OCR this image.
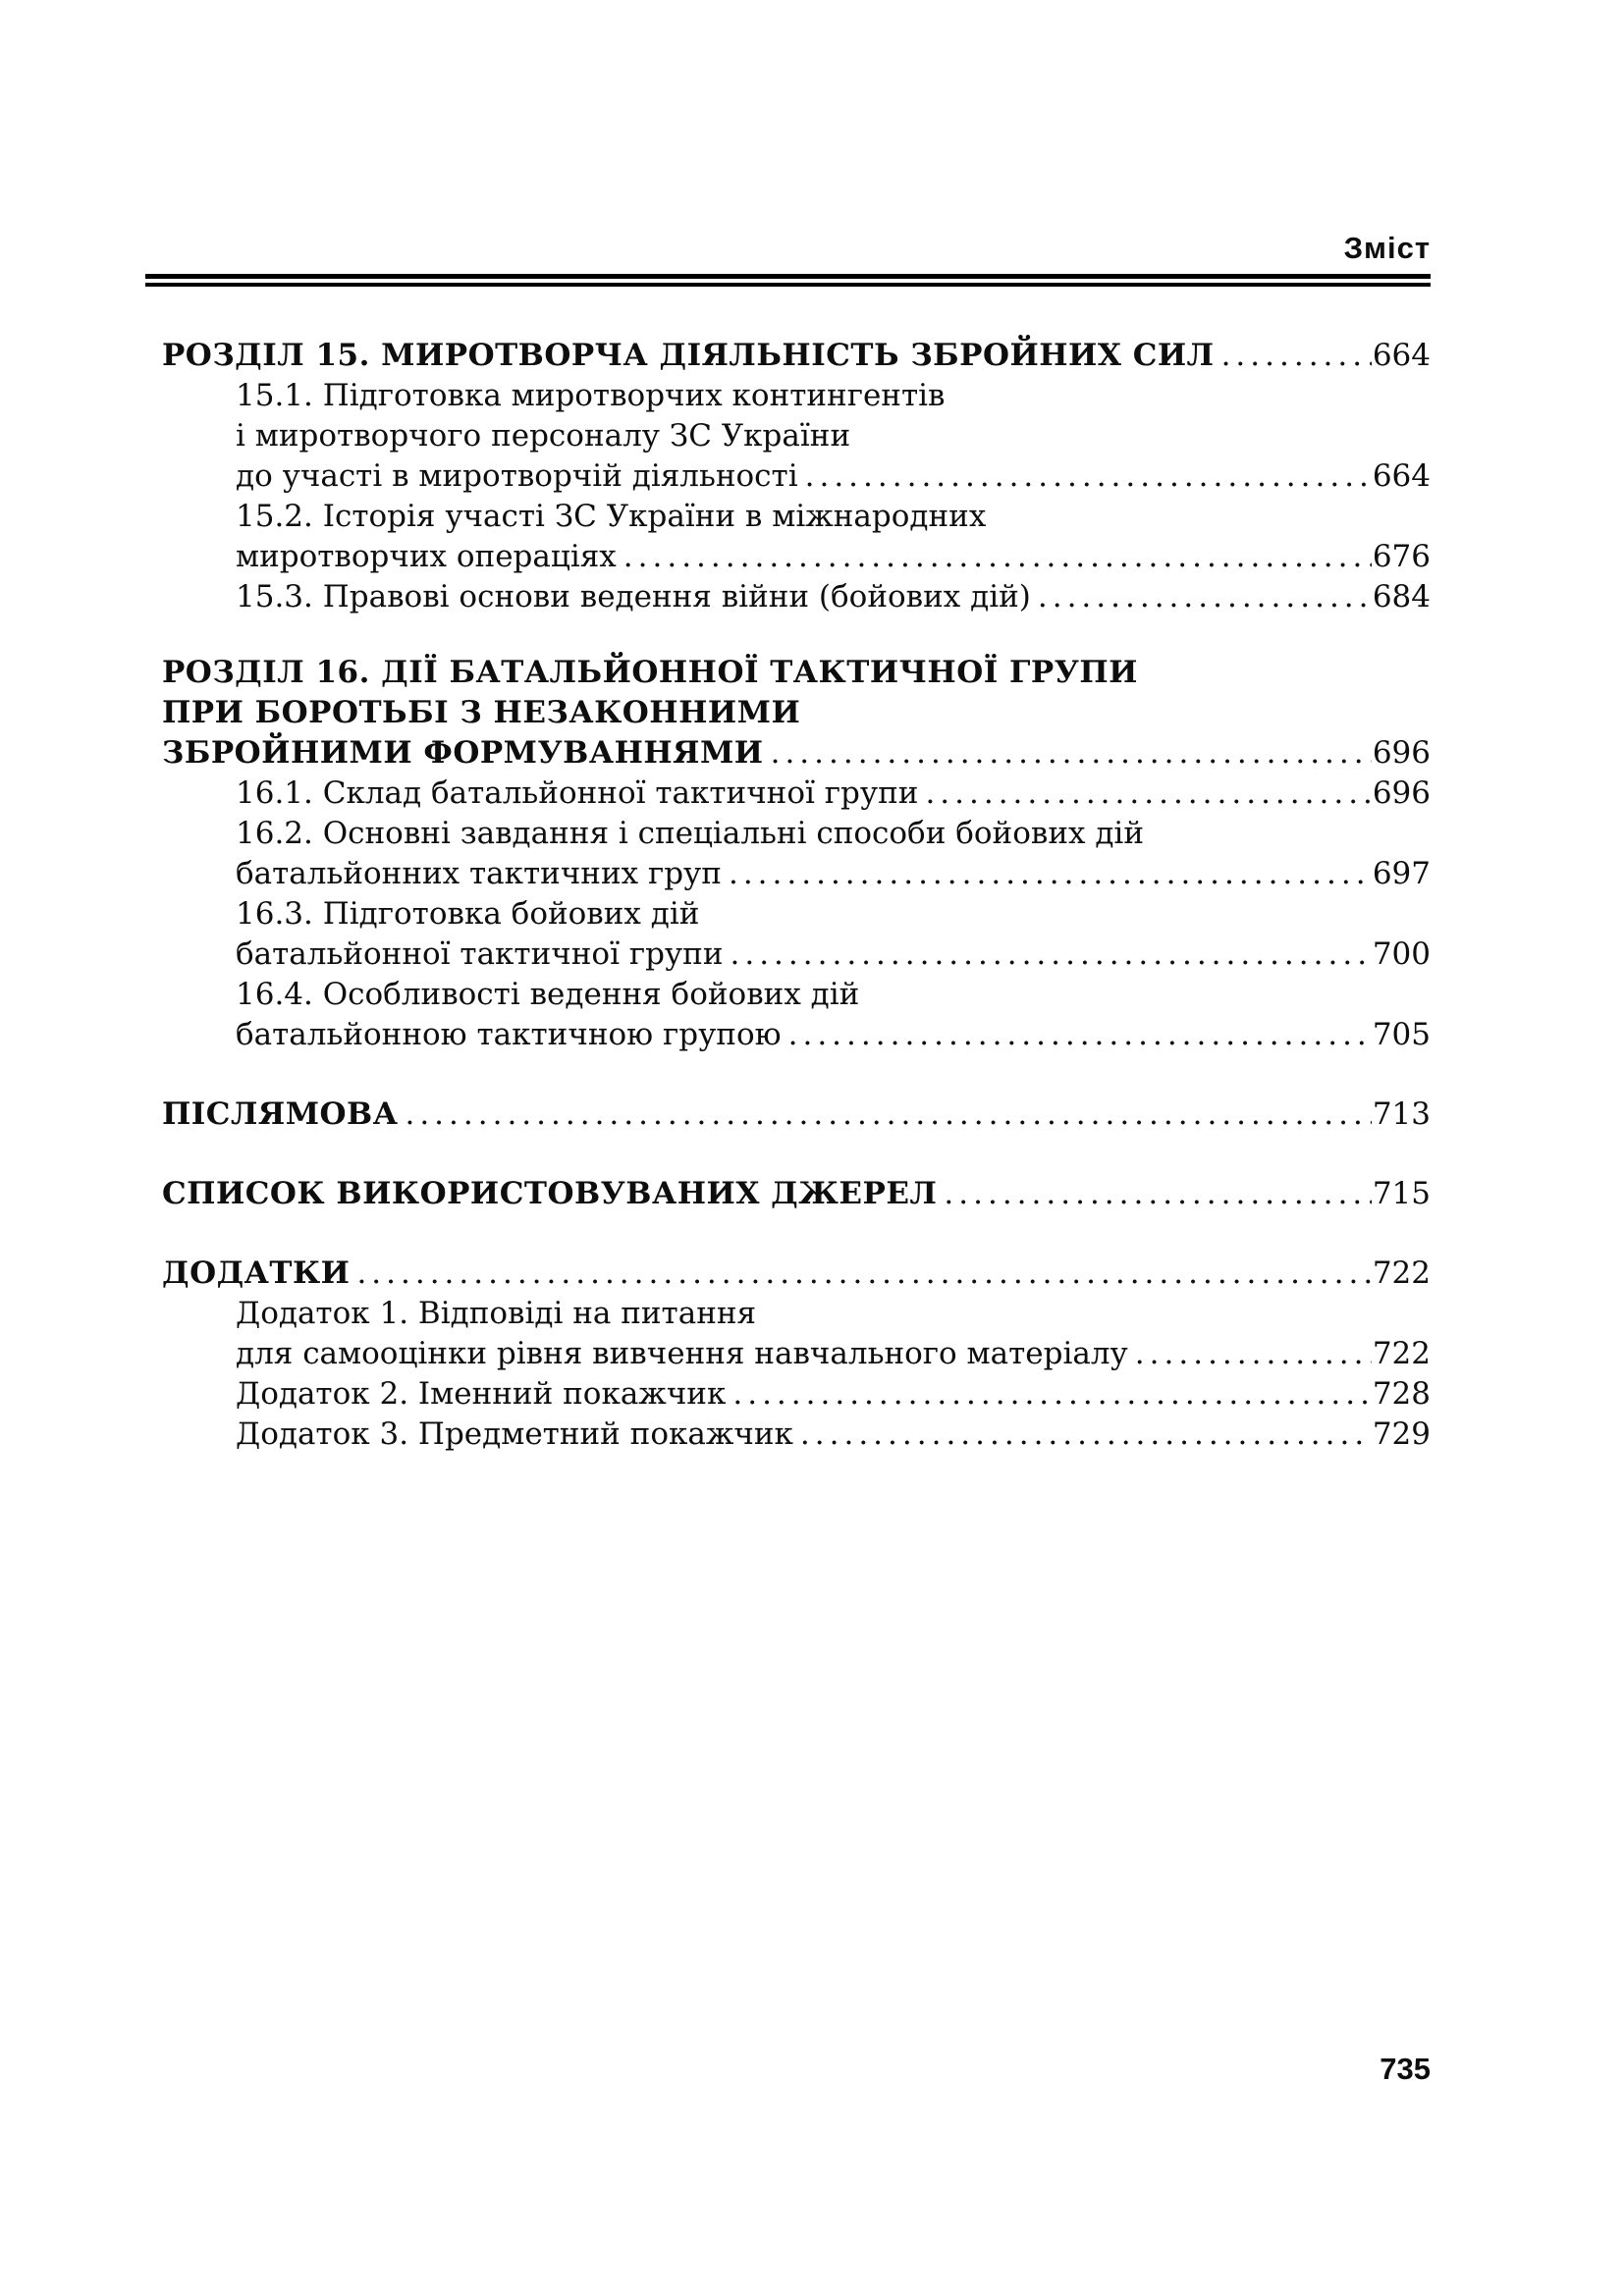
Зміст
РОЗДІЛ 15. МИРОТВОРЧА ДІЯЛЬНІСТЬ ЗБРОЙНИХ СИЛ .....	664
15.1. Підготовка миротворчих контингентів
і миротворчого персоналу ЗС України
до участі в миротворчій діяльності .....	664
15.2. Історія участі ЗС України в міжнародних
миротворчих операціях .....	676
15.3. Правові основи ведення війни (бойових дій) .....	684
РОЗДІЛ 16. ДІЇ БАТАЛЬЙОННОЇ ТАКТИЧНОЇ ГРУПИ
ПРИ БОРОТЬБІ З НЕЗАКОННИМИ
ЗБРОЙНИМИ ФОРМУВАННЯМИ .....	696
16.1. Склад батальйонної тактичної групи .....	696
16.2. Основні завдання і спеціальні способи бойових дій
батальйонних тактичних груп .....	697
16.3. Підготовка бойових дій
батальйонної тактичної групи .....	700
16.4. Особливості ведення бойових дій
батальйонною тактичною групою .....	705
ПІСЛЯМОВА .....	713
СПИСОК ВИКОРИСТОВУВАНИХ ДЖЕРЕЛ .....	715
ДОДАТКИ .....	722
Додаток 1. Відповіді на питання
для самооцінки рівня вивчення навчального матеріалу .....	722
Додаток 2. Іменний покажчик .....	728
Додаток 3. Предметний покажчик .....	729
735
